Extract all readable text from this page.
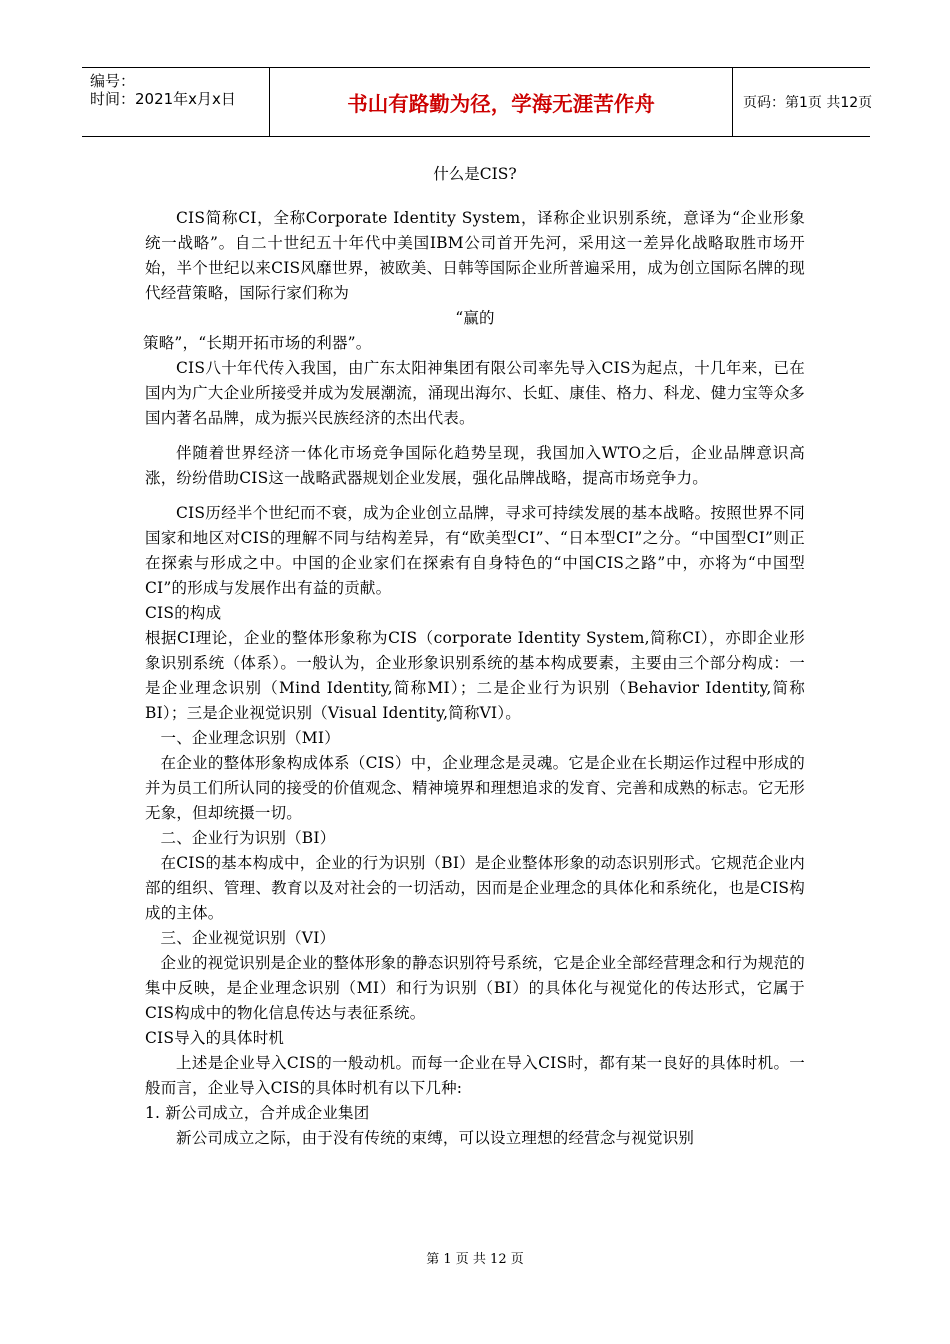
编号：
时间：2021年x月x日	书山有路勤为径，学海无涯苦作舟	页码：第1页 共12页
什么是CIS?

CIS简称CI，全称Corporate Identity System，译称企业识别系统，意译为“企业形象统一战略”。自二十世纪五十年代中美国IBM公司首开先河，采用这一差异化战略取胜市场开始，半个世纪以来CIS风靡世界，被欧美、日韩等国际企业所普遍采用，成为创立国际名牌的现代经营策略，国际行家们称为

“赢的

策略”，“长期开拓市场的利器”。

CIS八十年代传入我国，由广东太阳神集团有限公司率先导入CIS为起点，十几年来，已在国内为广大企业所接受并成为发展潮流，涌现出海尔、长虹、康佳、格力、科龙、健力宝等众多国内著名品牌，成为振兴民族经济的杰出代表。

伴随着世界经济一体化市场竞争国际化趋势呈现，我国加入WTO之后，企业品牌意识高涨，纷纷借助CIS这一战略武器规划企业发展，强化品牌战略，提高市场竞争力。

CIS历经半个世纪而不衰，成为企业创立品牌，寻求可持续发展的基本战略。按照世界不同国家和地区对CIS的理解不同与结构差异，有“欧美型CI”、“日本型CI”之分。“中国型CI”则正在探索与形成之中。中国的企业家们在探索有自身特色的“中国CIS之路”中，亦将为“中国型CI”的形成与发展作出有益的贡献。

CIS的构成

根据CI理论，企业的整体形象称为CIS（corporate Identity System,简称CI），亦即企业形象识别系统（体系）。一般认为，企业形象识别系统的基本构成要素，主要由三个部分构成：一是企业理念识别（Mind Identity,简称MI）；二是企业行为识别（Behavior Identity,简称BI）；三是企业视觉识别（Visual Identity,简称VI）。

一、企业理念识别（MI）

在企业的整体形象构成体系（CIS）中，企业理念是灵魂。它是企业在长期运作过程中形成的并为员工们所认同的接受的价值观念、精神境界和理想追求的发育、完善和成熟的标志。它无形无象，但却统摄一切。

二、企业行为识别（BI）

在CIS的基本构成中，企业的行为识别（BI）是企业整体形象的动态识别形式。它规范企业内部的组织、管理、教育以及对社会的一切活动，因而是企业理念的具体化和系统化，也是CIS构成的主体。

三、企业视觉识别（VI）

企业的视觉识别是企业的整体形象的静态识别符号系统，它是企业全部经营理念和行为规范的集中反映，是企业理念识别（MI）和行为识别（BI）的具体化与视觉化的传达形式，它属于CIS构成中的物化信息传达与表征系统。

CIS导入的具体时机

上述是企业导入CIS的一般动机。而每一企业在导入CIS时，都有某一良好的具体时机。一般而言，企业导入CIS的具体时机有以下几种:

1. 新公司成立，合并成企业集团

新公司成立之际，由于没有传统的束缚，可以设立理想的经营念与视觉识别

第 1 页 共 12 页
